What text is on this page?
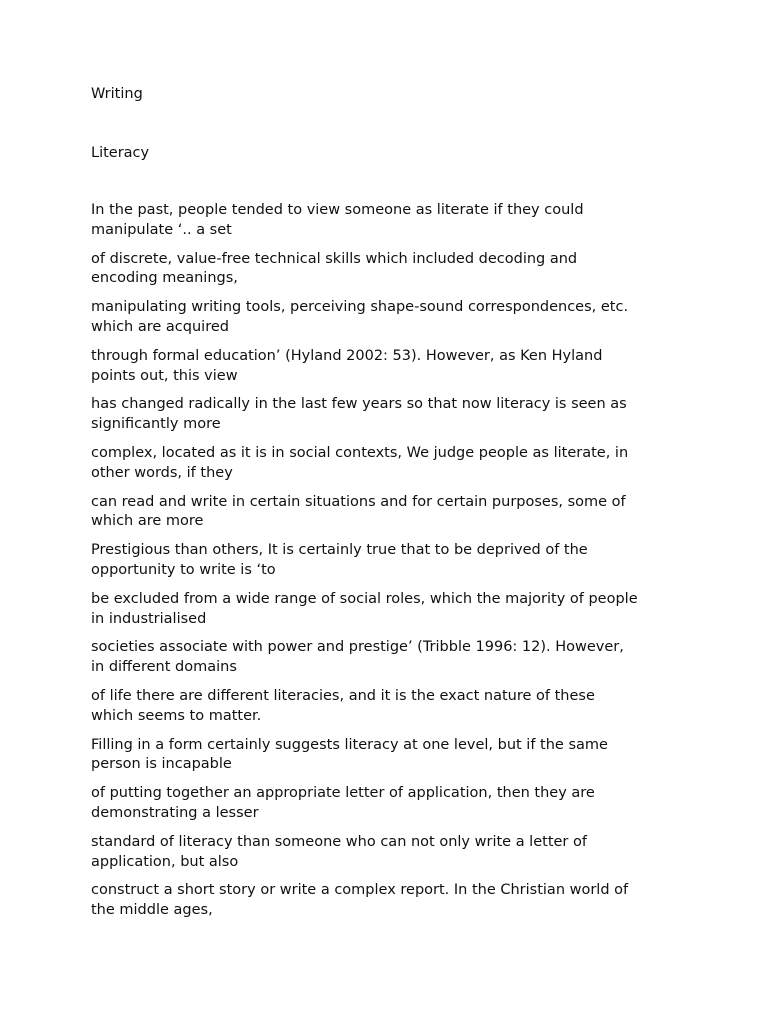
Writing
Literacy

In the past, people tended to view someone as literate if they could
manipulate ‘.. a set

of discrete, value-free technical skills which included decoding and
encoding meanings,

manipulating writing tools, perceiving shape-sound correspondences, etc.
which are acquired

through formal education’ (Hyland 2002: 53). However, as Ken Hyland
points out, this view

has changed radically in the last few years so that now literacy is seen as
significantly more

complex, located as it is in social contexts, We judge people as literate, in
other words, if they

can read and write in certain situations and for certain purposes, some of
which are more

Prestigious than others, It is certainly true that to be deprived of the
opportunity to write is ‘to

be excluded from a wide range of social roles, which the majority of people
in industrialised

societies associate with power and prestige’ (Tribble 1996: 12). However,
in different domains

of life there are different literacies, and it is the exact nature of these
which seems to matter.

Filling in a form certainly suggests literacy at one level, but if the same
person is incapable

of putting together an appropriate letter of application, then they are
demonstrating a lesser

standard of literacy than someone who can not only write a letter of
application, but also

construct a short story or write a complex report. In the Christian world of
the middle ages,
